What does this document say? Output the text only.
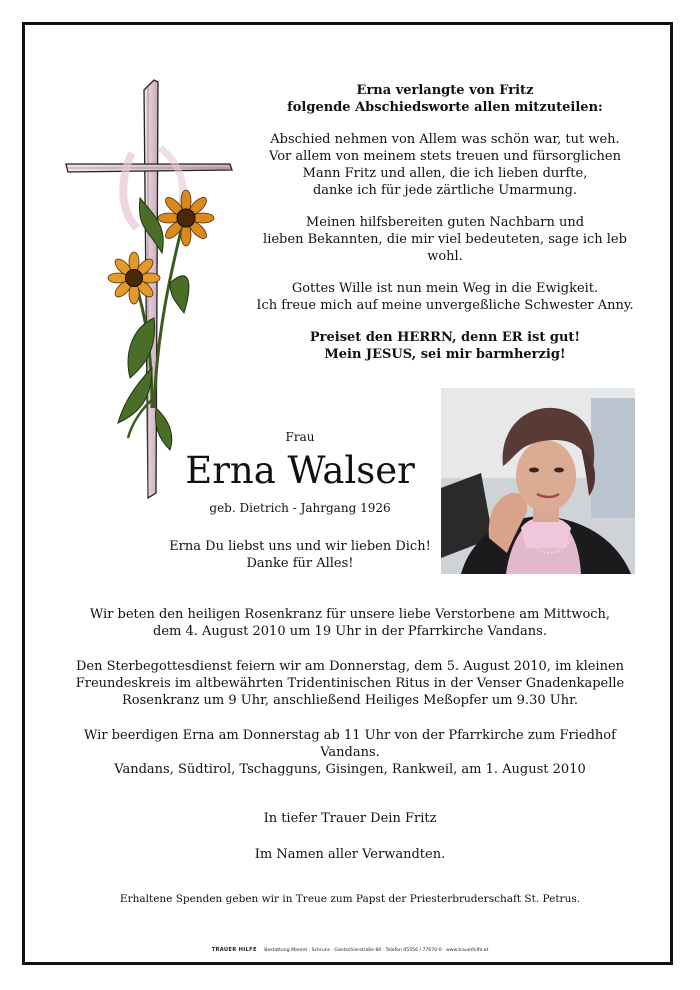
Erna verlangte von Fritz
folgende Abschiedsworte allen mitzuteilen:

Abschied nehmen von Allem was schön war, tut weh.
Vor allem von meinem stets treuen und fürsorglichen
Mann Fritz und allen, die ich lieben durfte,
danke ich für jede zärtliche Umarmung.

Meinen hilfsbereiten guten Nachbarn und
lieben Bekannten, die mir viel bedeuteten, sage ich leb wohl.

Gottes Wille ist nun mein Weg in die Ewigkeit.
Ich freue mich auf meine unvergeßliche Schwester Anny.

Preiset den HERRN, denn ER ist gut!
Mein JESUS, sei mir barmherzig!

Frau
Erna Walser
geb. Dietrich - Jahrgang 1926
Erna Du liebst uns und wir lieben Dich!
Danke für Alles!
Wir beten den heiligen Rosenkranz für unsere liebe Verstorbene am Mittwoch,
dem 4. August 2010 um 19 Uhr in der Pfarrkirche Vandans.
Den Sterbegottesdienst feiern wir am Donnerstag, dem 5. August 2010, im kleinen
Freundeskreis im altbewährten Tridentinischen Ritus in der Venser Gnadenkapelle
Rosenkranz um 9 Uhr, anschließend Heiliges Meßopfer um 9.30 Uhr.
Wir beerdigen Erna am Donnerstag ab 11 Uhr von der Pfarrkirche zum Friedhof Vandans.
Vandans, Südtirol, Tschagguns, Gisingen, Rankweil, am 1. August 2010
In tiefer Trauer Dein Fritz
Im Namen aller Verwandten.
Erhaltene Spenden geben wir in Treue zum Papst der Priesterbruderschaft St. Petrus.
TRAUER HILFE Bestattung Marent · Schruns · Gantschierstraße 80 · Telefon 05556 / 77670-0 · www.trauerhilfe.at
